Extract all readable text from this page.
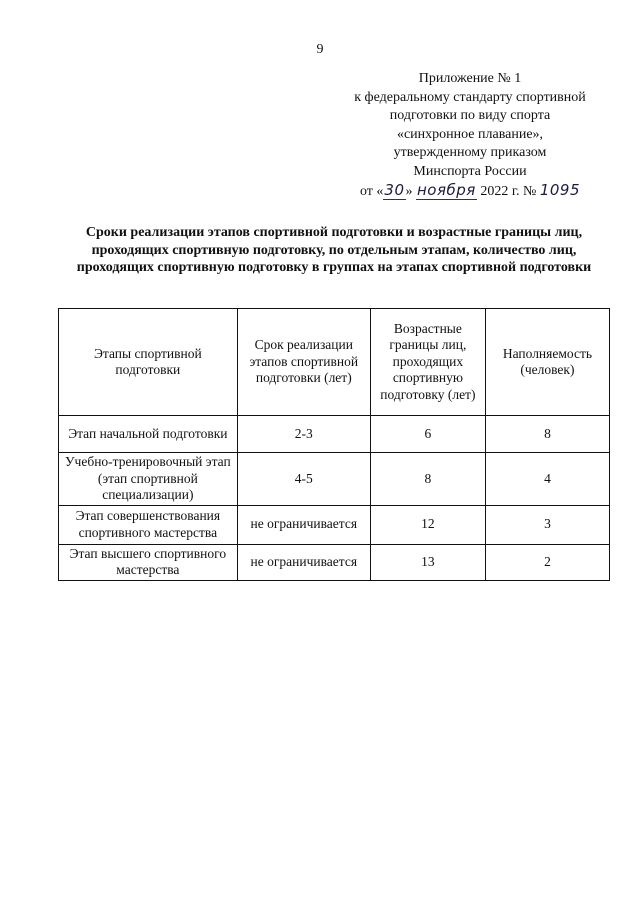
9
Приложение № 1
к федеральному стандарту спортивной
подготовки по виду спорта
«синхронное плавание»,
утвержденному приказом
Минспорта России
от «30» ноября 2022 г. № 1095
Сроки реализации этапов спортивной подготовки и возрастные границы лиц, проходящих спортивную подготовку, по отдельным этапам, количество лиц, проходящих спортивную подготовку в группах на этапах спортивной подготовки
Этапы спортивной подготовки	Срок реализации этапов спортивной подготовки (лет)	Возрастные границы лиц, проходящих спортивную подготовку (лет)	Наполняемость (человек)
Этап начальной подготовки	2-3	6	8
Учебно-тренировочный этап (этап спортивной специализации)	4-5	8	4
Этап совершенствования спортивного мастерства	не ограничивается	12	3
Этап высшего спортивного мастерства	не ограничивается	13	2
